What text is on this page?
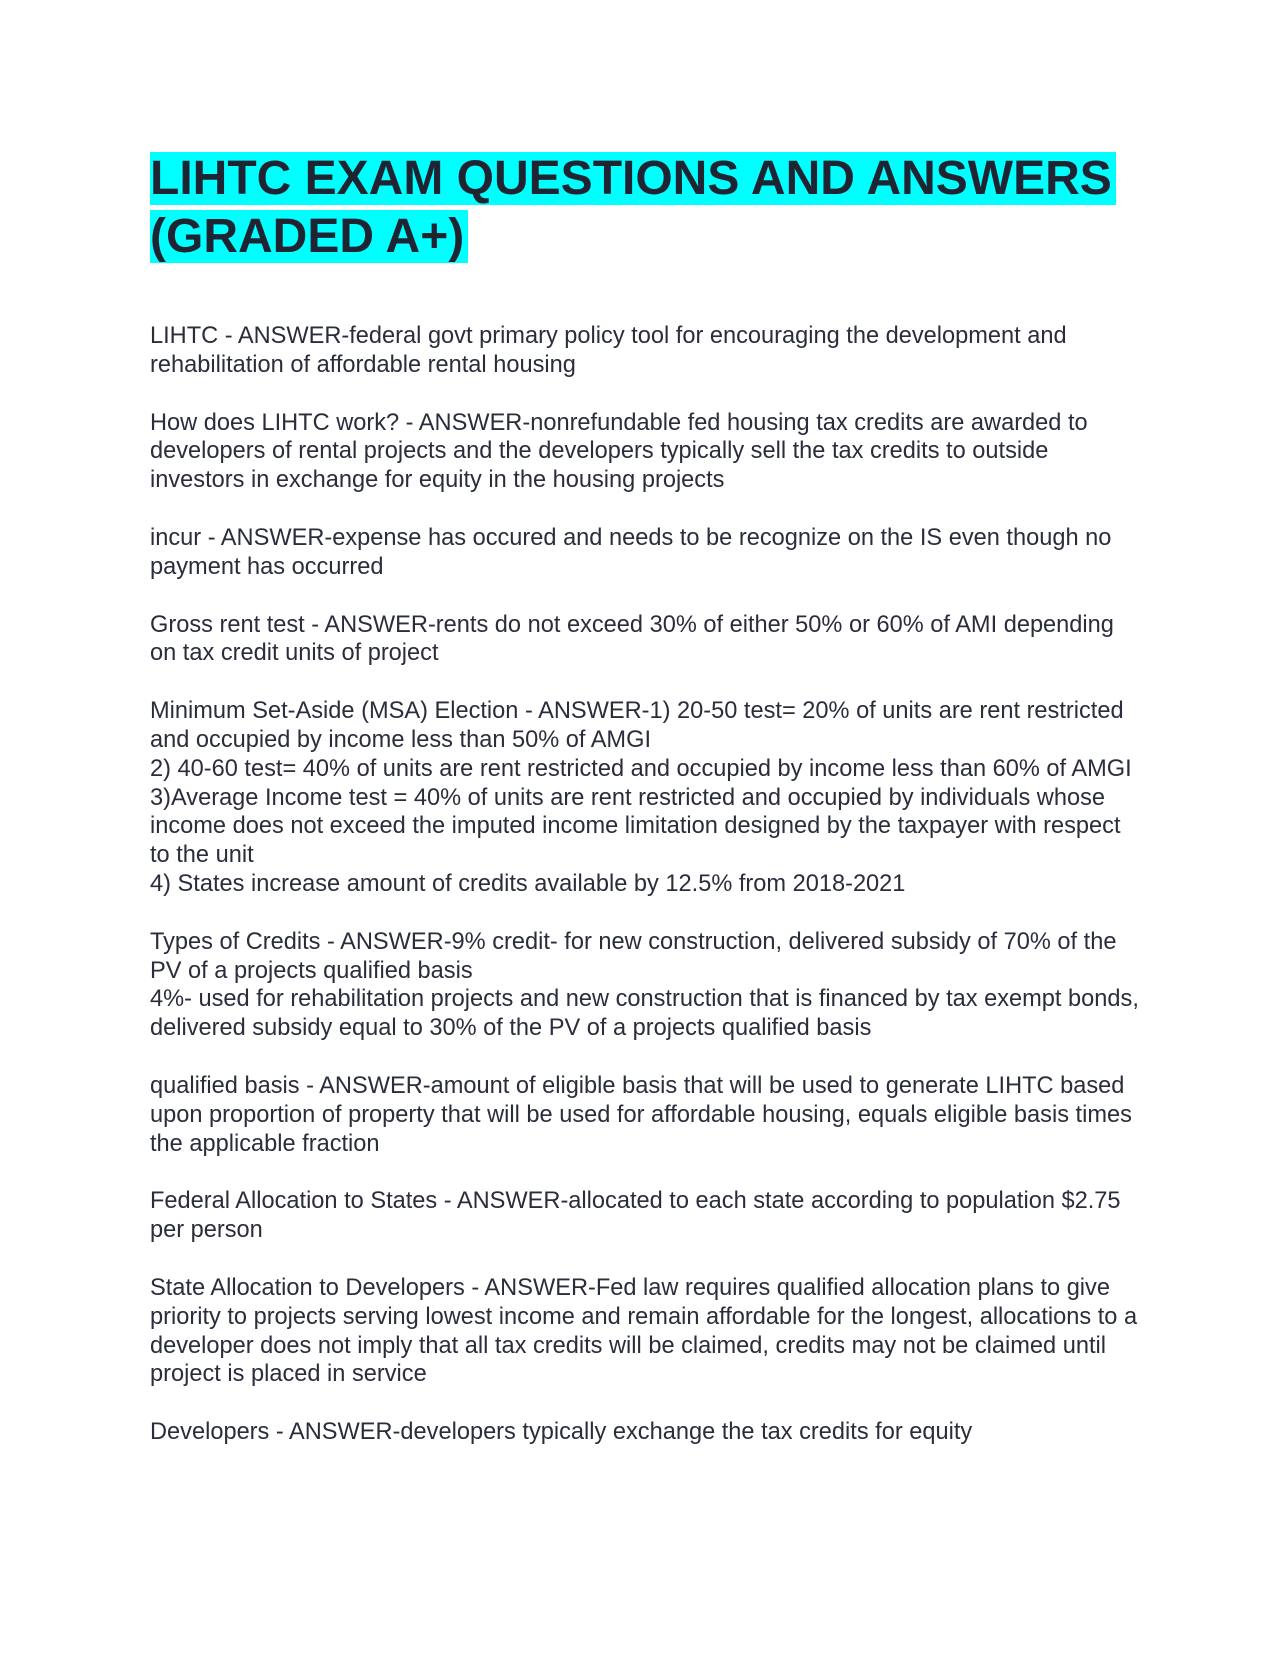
LIHTC EXAM QUESTIONS AND ANSWERS (GRADED A+)

LIHTC - ANSWER-federal govt primary policy tool for encouraging the development and rehabilitation of affordable rental housing

How does LIHTC work? - ANSWER-nonrefundable fed housing tax credits are awarded to developers of rental projects and the developers typically sell the tax credits to outside investors in exchange for equity in the housing projects

incur - ANSWER-expense has occured and needs to be recognize on the IS even though no payment has occurred

Gross rent test - ANSWER-rents do not exceed 30% of either 50% or 60% of AMI depending on tax credit units of project

Minimum Set-Aside (MSA) Election - ANSWER-1) 20-50 test= 20% of units are rent restricted and occupied by income less than 50% of AMGI
2) 40-60 test= 40% of units are rent restricted and occupied by income less than 60% of AMGI
3)Average Income test = 40% of units are rent restricted and occupied by individuals whose income does not exceed the imputed income limitation designed by the taxpayer with respect to the unit
4) States increase amount of credits available by 12.5% from 2018-2021

Types of Credits - ANSWER-9% credit- for new construction, delivered subsidy of 70% of the PV of a projects qualified basis
4%- used for rehabilitation projects and new construction that is financed by tax exempt bonds, delivered subsidy equal to 30% of the PV of a projects qualified basis

qualified basis - ANSWER-amount of eligible basis that will be used to generate LIHTC based upon proportion of property that will be used for affordable housing, equals eligible basis times the applicable fraction

Federal Allocation to States - ANSWER-allocated to each state according to population $2.75 per person

State Allocation to Developers - ANSWER-Fed law requires qualified allocation plans to give priority to projects serving lowest income and remain affordable for the longest, allocations to a developer does not imply that all tax credits will be claimed, credits may not be claimed until project is placed in service

Developers - ANSWER-developers typically exchange the tax credits for equity
